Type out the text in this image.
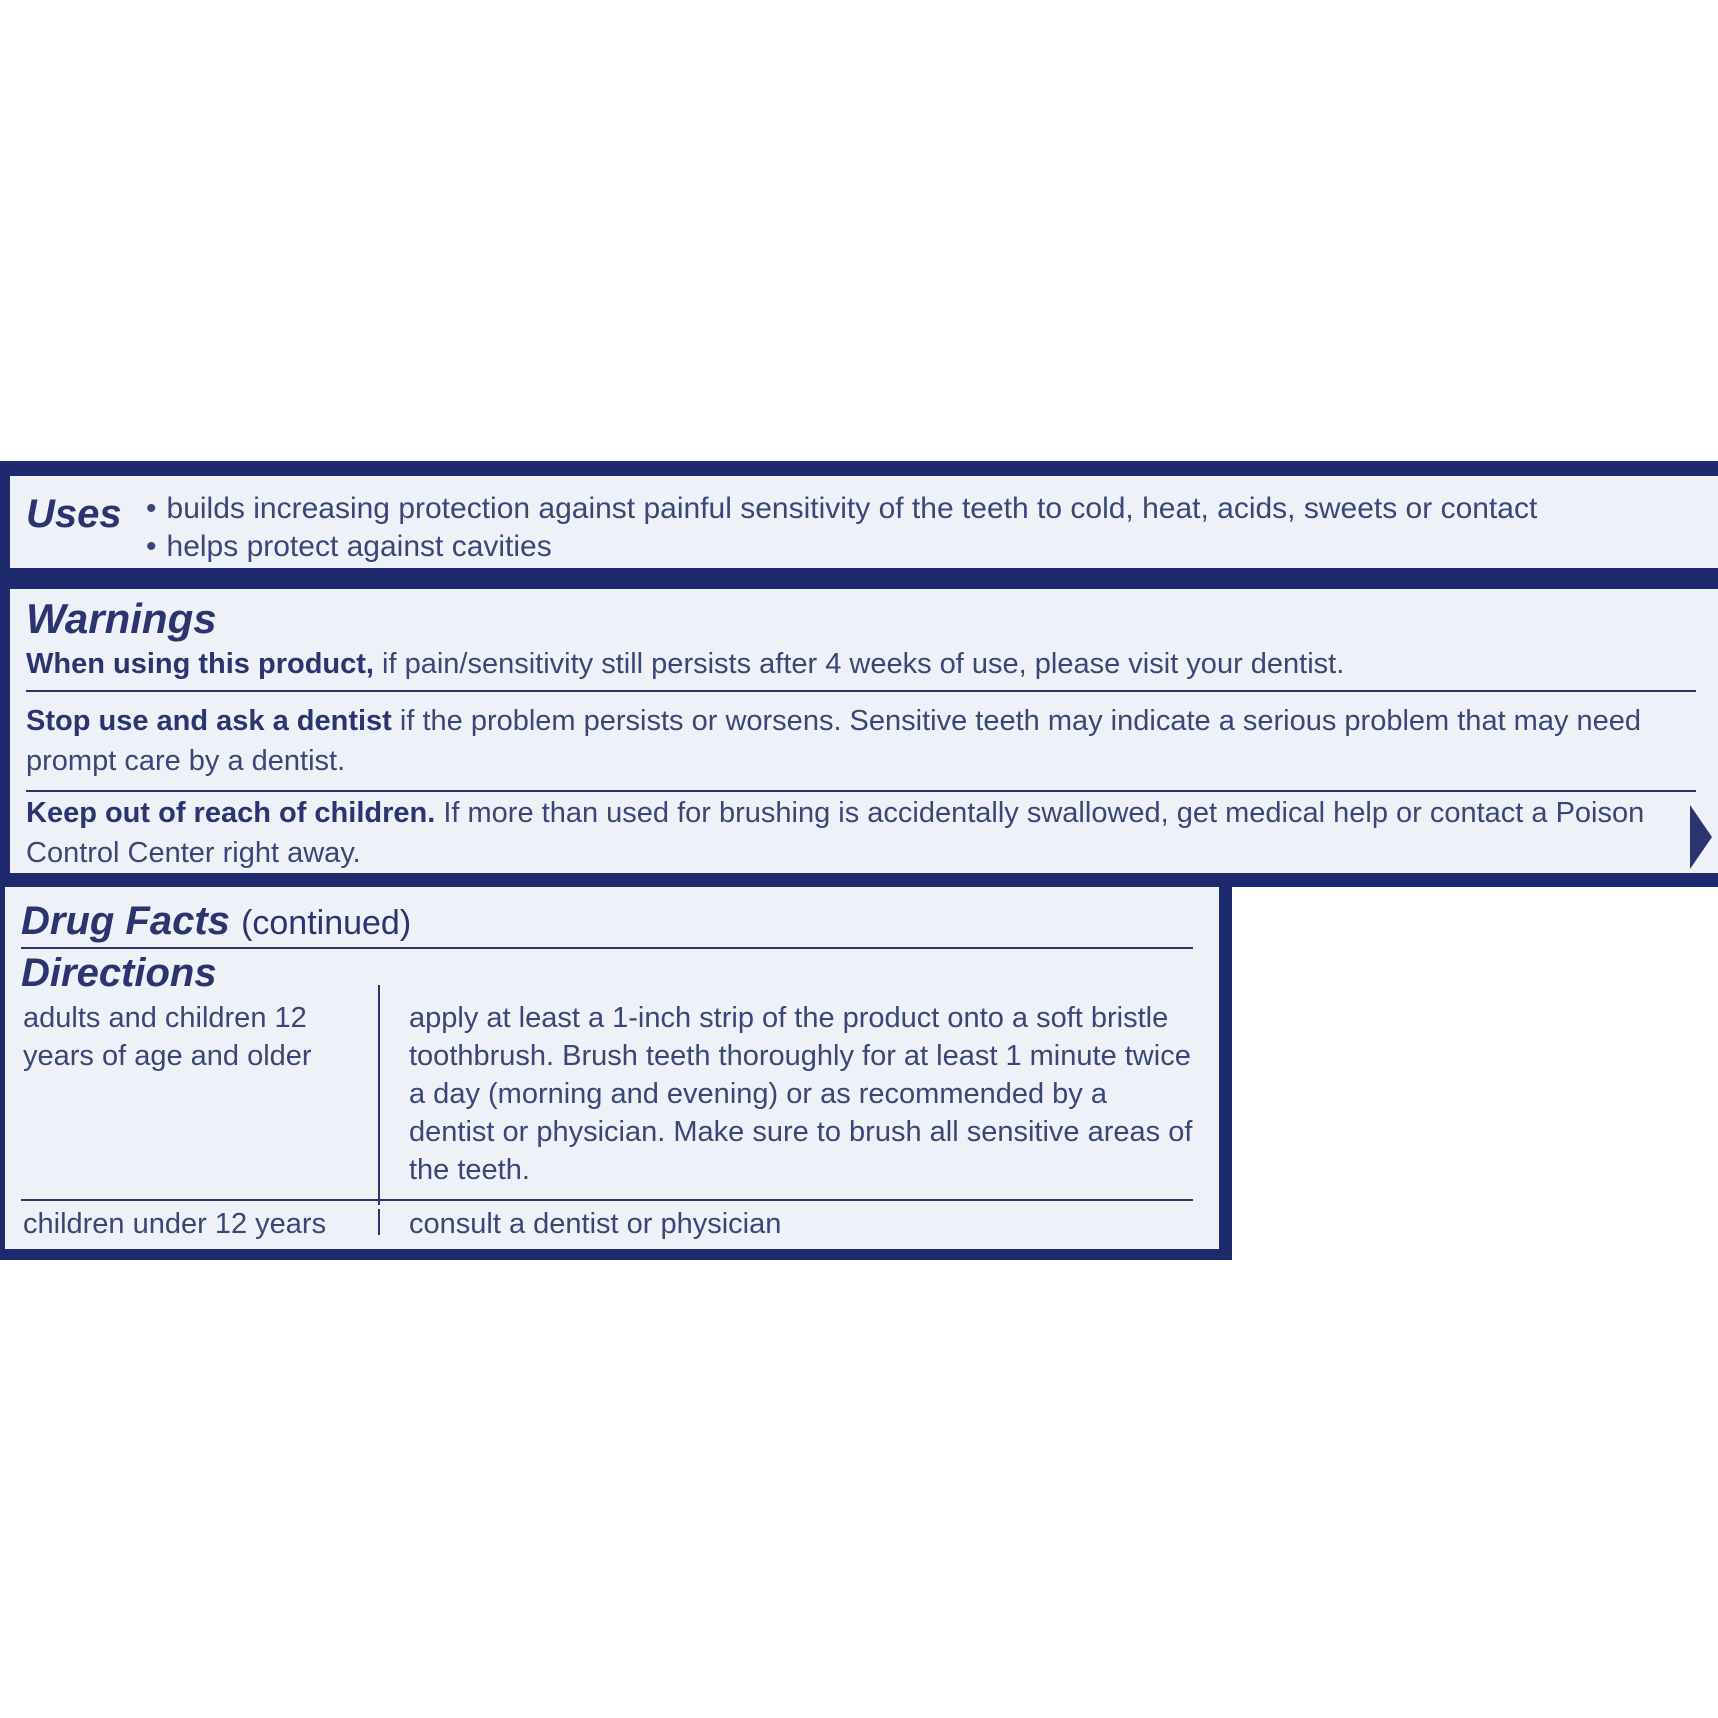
Uses
•	builds increasing protection against painful sensitivity of the teeth to cold, heat, acids, sweets or contact
• helps protect against cavities
Warnings
When using this product, if pain/sensitivity still persists after 4 weeks of use, please visit your dentist.
Stop use and ask a dentist if the problem persists or worsens. Sensitive teeth may indicate a serious problem that may need prompt care by a dentist.
Keep out of reach of children. If more than used for brushing is accidentally swallowed, get medical help or contact a Poison Control Center right away.
Drug Facts (continued)
Directions
adults and children 12 years of age and older
apply at least a 1-inch strip of the product onto a soft bristle toothbrush. Brush teeth thoroughly for at least 1 minute twice a day (morning and evening) or as recommended by a dentist or physician. Make sure to brush all sensitive areas of the teeth.
children under 12 years	consult a dentist or physician
